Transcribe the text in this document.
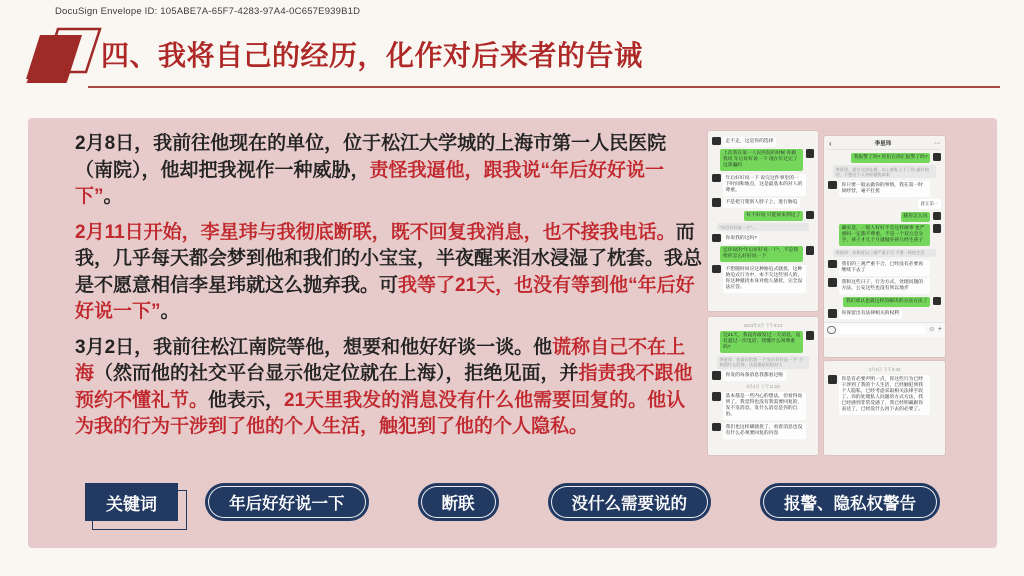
DocuSign Envelope ID: 105ABE7A-65F7-4283-97A4-0C657E939B1D
四、我将自己的经历，化作对后来者的告诫
2月8日，我前往他现在的单位，位于松江大学城的上海市第一人民医院（南院），他却把我视作一种威胁，责怪我逼他，跟我说“年后好好说一下”。
2月11日开始，李星玮与我彻底断联，既不回复我消息，也不接我电话。而我，几乎每天都会梦到他和我们的小宝宝，半夜醒来泪水浸湿了枕套。我总是不愿意相信李星玮就这么抛弃我。可我等了21天，也没有等到他“年后好好说一下”。
3月2日，我前往松江南院等他，想要和他好好谈一谈。他谎称自己不在上海（然而他的社交平台显示他定位就在上海），拒绝见面，并指责我不跟他预约不懂礼节。他表示，21天里我发的消息没有什么他需要回复的。他认为我的行为干涉到了他的个人生活，触犯到了他的个人隐私。
走不走，这是你的选择
上次我在第一人民医院的时候 你跟我说 年后好好说一下 现在年过完了 这算骗吗
年后好好说一下 说完这件事里的一下时间和地点，这是最基本的对人的尊重。
不是把刀架别人脖子上，进行胁迫
好不好说 只能说来到这了
“年后好好说一下”…
你说我的这吗?
还你说的“年后好好说一下”，不是我给你怎么好好说一下
不想随时回应这种胁迫式骚扰，这种胁迫式行为中，本不欠这些别人的，你这种骚扰本身对他人骚扰，完全没法应答。
2023年2月 下午9:12
这21天，我没有敢发过一天消息，没有超过一次电话，我懂什么叫尊重吗?
李星玮：你最好给我一下“年后好好说一下” 不知道什么回答，这是最起码的对人
你发的每条消息我都看过啦
3月2日 上午11:02
基本都是一些内心的想法，但看得说到了，我觉得也没有我需要回复的，发不发消息，发什么消息是你的自由。
我们也这样刷骚扰了，看着消息也没有什么必须要回复的内容
‹	李星玮	⋯
我报警了吗? 你们在徐汇报警了吗?
李星玮，最好交涉处理，以上都私上不了你 最好的话，不想这个人对你骚扰本来
你只要一般去做你的事情，我在第一时间经营，毫不打扰
就在第一
随你怎么说
确实是，一般人好好不会这样做事 也严重吗一定都不尊重，不是一个双方会分手，孩子才几个月就抛弃孩儿经生孩子
李星玮：你和对以三观严重不合 不要一样的生活
我们的三观严重不合，已经没有必要再继续下去了
我和这些日子，行为方式，处理问题的方法，公安这些也没有到以地步
我们承认也就这样的解决的方法方法了
你保留出有法律相关的权利
☺ +
3月2日 下午2:33
你是有必要声明一点，你这些行为已经干涉到了我的个人生活，已经触犯到我个人隐私，已经考虑采取相关法律手段了。你的处理私人问题的方式方法，我已经感到非常反感了，我已经明确跟你表达了，已经没什么再下去的必要了。
关键词	年后好好说一下	断联	没什么需要说的	报警、隐私权警告
